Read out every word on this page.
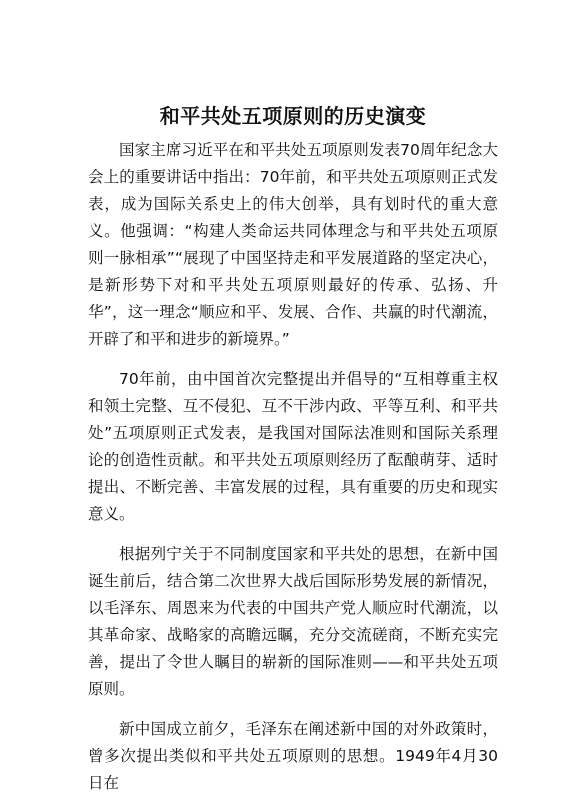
和平共处五项原则的历史演变

国家主席习近平在和平共处五项原则发表70周年纪念大会上的重要讲话中指出：70年前，和平共处五项原则正式发表，成为国际关系史上的伟大创举，具有划时代的重大意义。他强调：“构建人类命运共同体理念与和平共处五项原则一脉相承”“展现了中国坚持走和平发展道路的坚定决心，是新形势下对和平共处五项原则最好的传承、弘扬、升华”，这一理念“顺应和平、发展、合作、共赢的时代潮流，开辟了和平和进步的新境界。”

70年前，由中国首次完整提出并倡导的“互相尊重主权和领土完整、互不侵犯、互不干涉内政、平等互利、和平共处”五项原则正式发表，是我国对国际法准则和国际关系理论的创造性贡献。和平共处五项原则经历了酝酿萌芽、适时提出、不断完善、丰富发展的过程，具有重要的历史和现实意义。

根据列宁关于不同制度国家和平共处的思想，在新中国诞生前后，结合第二次世界大战后国际形势发展的新情况，以毛泽东、周恩来为代表的中国共产党人顺应时代潮流，以其革命家、战略家的高瞻远瞩，充分交流磋商，不断充实完善，提出了令世人瞩目的崭新的国际准则——和平共处五项原则。

新中国成立前夕，毛泽东在阐述新中国的对外政策时，曾多次提出类似和平共处五项原则的思想。1949年4月30日在
